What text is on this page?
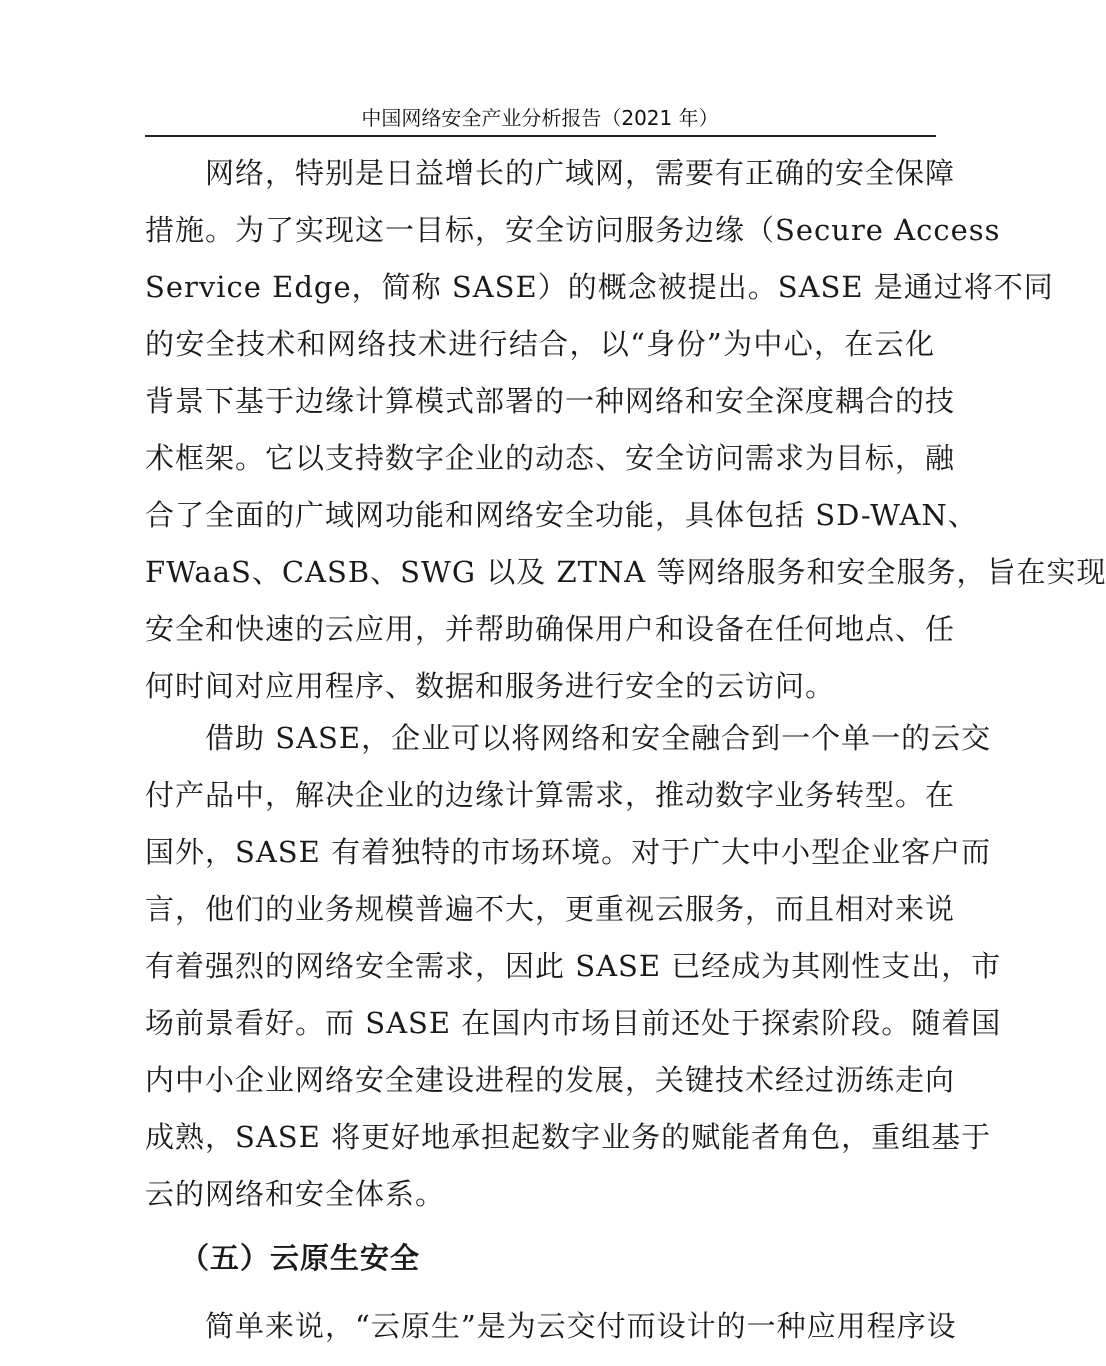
中国网络安全产业分析报告（2021 年）
网络，特别是日益增长的广域网，需要有正确的安全保障
措施。为了实现这一目标，安全访问服务边缘（Secure Access
Service Edge，简称 SASE）的概念被提出。SASE 是通过将不同
的安全技术和网络技术进行结合，以“身份”为中心，在云化
背景下基于边缘计算模式部署的一种网络和安全深度耦合的技
术框架。它以支持数字企业的动态、安全访问需求为目标，融
合了全面的广域网功能和网络安全功能，具体包括 SD-WAN、
FWaaS、CASB、SWG 以及 ZTNA 等网络服务和安全服务，旨在实现
安全和快速的云应用，并帮助确保用户和设备在任何地点、任
何时间对应用程序、数据和服务进行安全的云访问。
借助 SASE，企业可以将网络和安全融合到一个单一的云交
付产品中，解决企业的边缘计算需求，推动数字业务转型。在
国外，SASE 有着独特的市场环境。对于广大中小型企业客户而
言，他们的业务规模普遍不大，更重视云服务，而且相对来说
有着强烈的网络安全需求，因此 SASE 已经成为其刚性支出，市
场前景看好。而 SASE 在国内市场目前还处于探索阶段。随着国
内中小企业网络安全建设进程的发展，关键技术经过沥练走向
成熟，SASE 将更好地承担起数字业务的赋能者角色，重组基于
云的网络和安全体系。
（五）云原生安全
简单来说，“云原生”是为云交付而设计的一种应用程序设
